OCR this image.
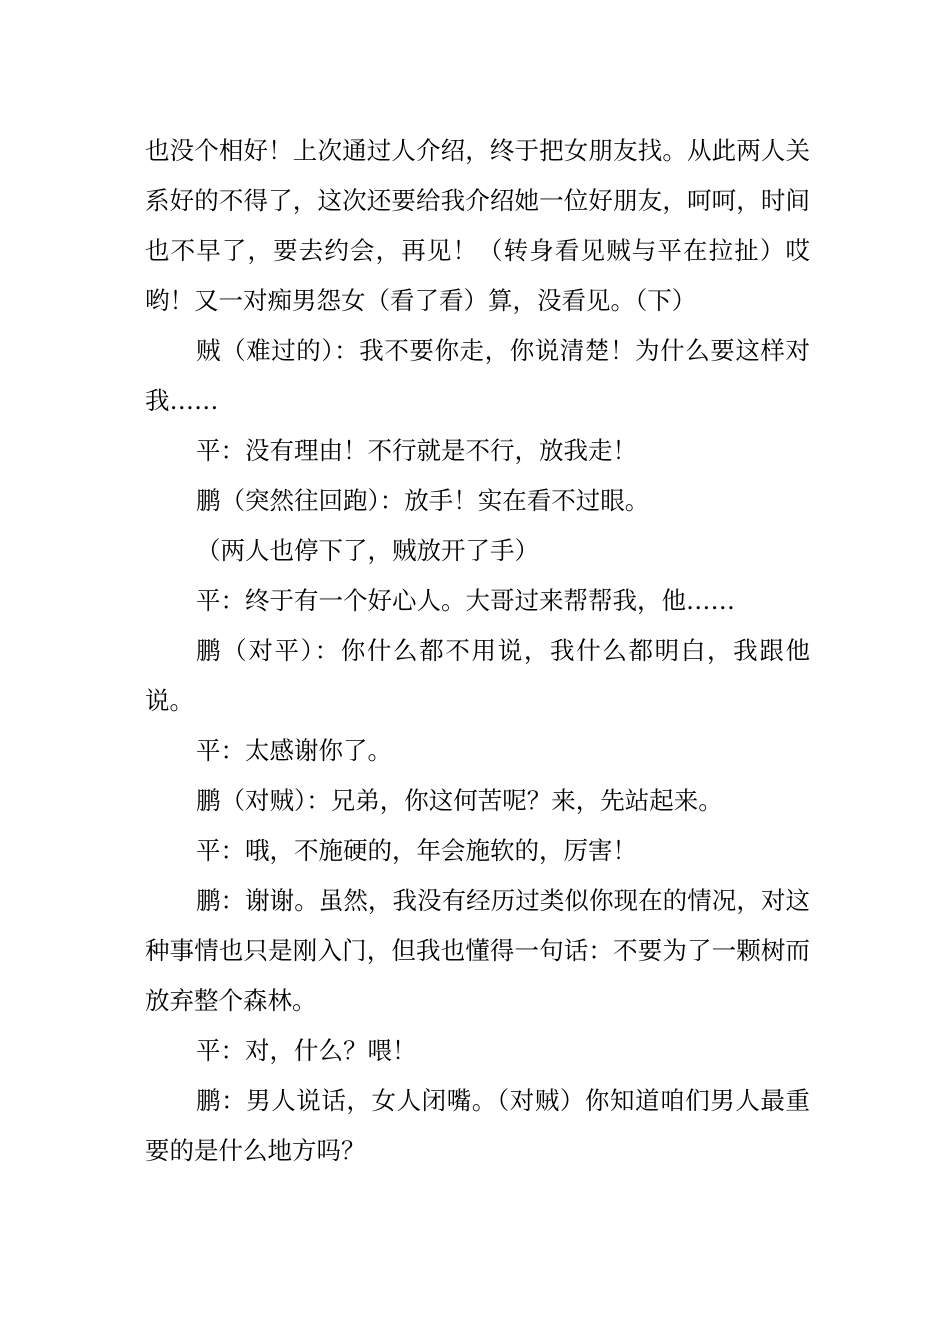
也没个相好！上次通过人介绍，终于把女朋友找。从此两人关系好的不得了，这次还要给我介绍她一位好朋友，呵呵，时间也不早了，要去约会，再见！（转身看见贼与平在拉扯）哎哟！又一对痴男怨女（看了看）算，没看见。（下）

贼（难过的）：我不要你走，你说清楚！为什么要这样对我……

平：没有理由！不行就是不行，放我走！

鹏（突然往回跑）：放手！实在看不过眼。

（两人也停下了，贼放开了手）

平：终于有一个好心人。大哥过来帮帮我，他……

鹏（对平）：你什么都不用说，我什么都明白，我跟他说。

平：太感谢你了。

鹏（对贼）：兄弟，你这何苦呢？来，先站起来。

平：哦，不施硬的，年会施软的，厉害！

鹏：谢谢。虽然，我没有经历过类似你现在的情况，对这种事情也只是刚入门，但我也懂得一句话：不要为了一颗树而放弃整个森林。

平：对，什么？喂！

鹏：男人说话，女人闭嘴。（对贼）你知道咱们男人最重要的是什么地方吗？
